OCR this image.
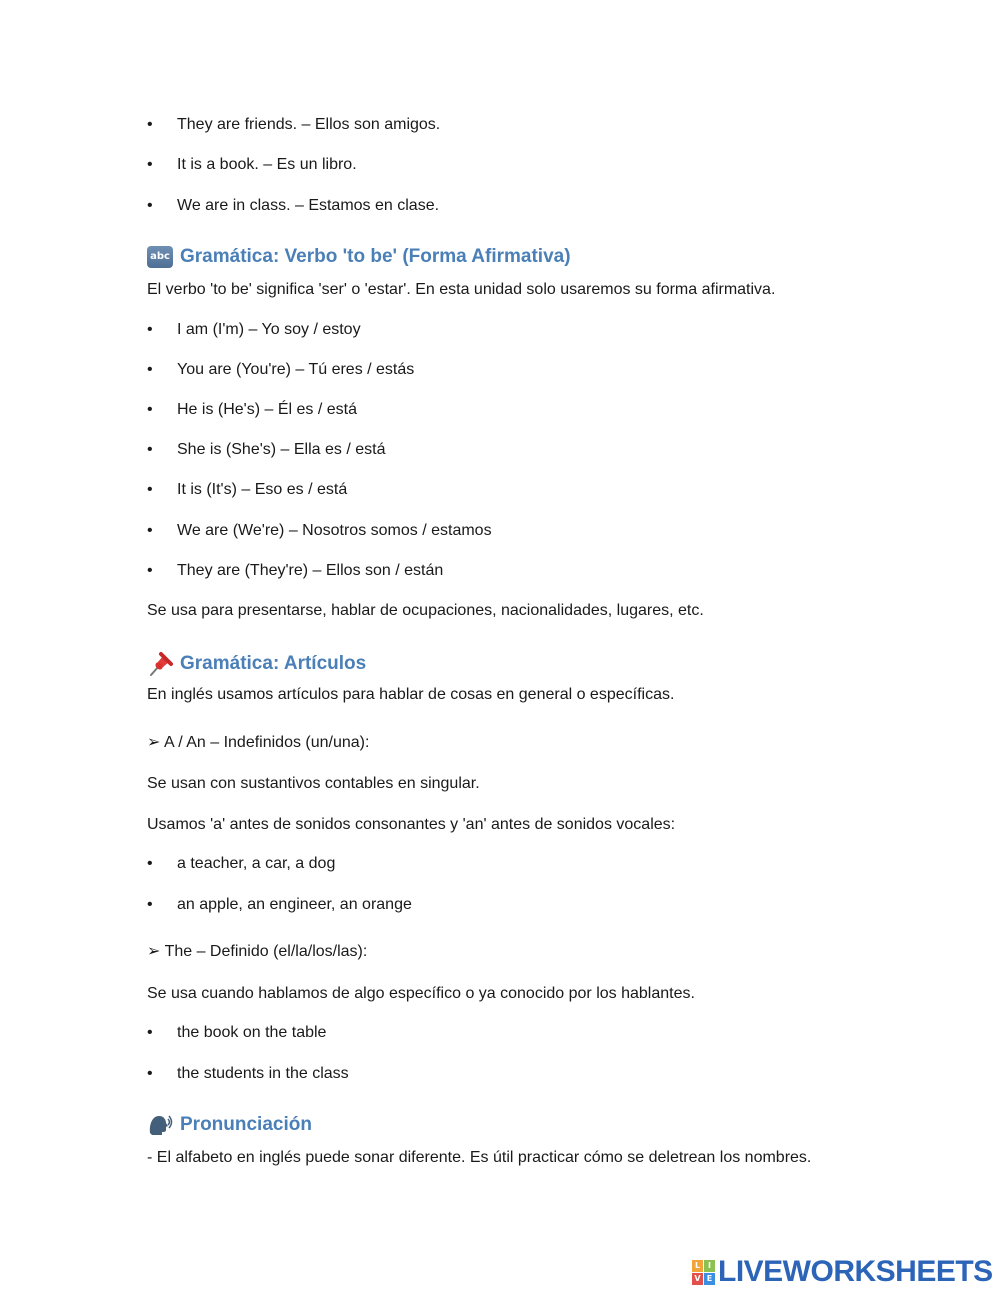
• They are friends. – Ellos son amigos.
• It is a book. – Es un libro.
• We are in class. – Estamos en clase.
abc Gramática: Verbo 'to be' (Forma Afirmativa)
El verbo 'to be' significa 'ser' o 'estar'. En esta unidad solo usaremos su forma afirmativa.
• I am (I'm) – Yo soy / estoy
• You are (You're) – Tú eres / estás
• He is (He's) – Él es / está
• She is (She's) – Ella es / está
• It is (It's) – Eso es / está
• We are (We're) – Nosotros somos / estamos
• They are (They're) – Ellos son / están
Se usa para presentarse, hablar de ocupaciones, nacionalidades, lugares, etc.
Gramática: Artículos
En inglés usamos artículos para hablar de cosas en general o específicas.
➢ A / An – Indefinidos (un/una):
Se usan con sustantivos contables en singular.
Usamos 'a' antes de sonidos consonantes y 'an' antes de sonidos vocales:
• a teacher, a car, a dog
• an apple, an engineer, an orange
➢ The – Definido (el/la/los/las):
Se usa cuando hablamos de algo específico o ya conocido por los hablantes.
• the book on the table
• the students in the class
Pronunciación
- El alfabeto en inglés puede sonar diferente. Es útil practicar cómo se deletrean los nombres.
L I
V E LIVEWORKSHEETS
